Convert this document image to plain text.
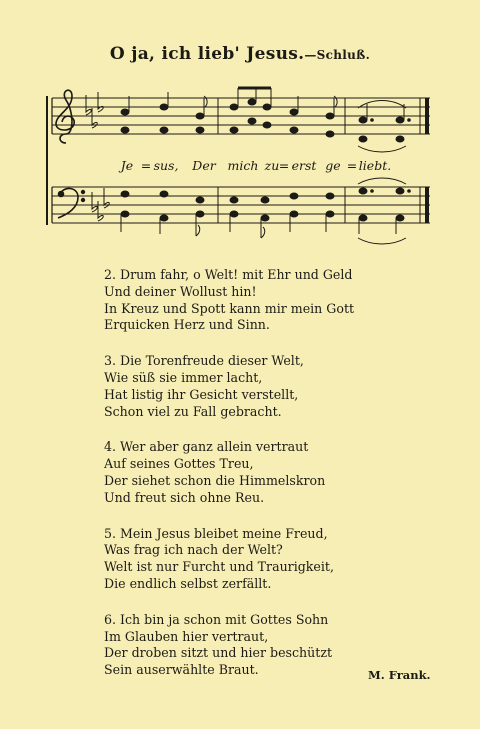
O ja, ich lieb' Jesus.—Schluß.
Je = sus, Der mich zu = erst ge = liebt.
2. Drum fahr, o Welt! mit Ehr und Geld
Und deiner Wollust hin!
In Kreuz und Spott kann mir mein Gott
Erquicken Herz und Sinn.
3. Die Torenfreude dieser Welt,
Wie süß sie immer lacht,
Hat listig ihr Gesicht verstellt,
Schon viel zu Fall gebracht.
4. Wer aber ganz allein vertraut
Auf seines Gottes Treu,
Der siehet schon die Himmelskron
Und freut sich ohne Reu.
5. Mein Jesus bleibet meine Freud,
Was frag ich nach der Welt?
Welt ist nur Furcht und Traurigkeit,
Die endlich selbst zerfällt.
6. Ich bin ja schon mit Gottes Sohn
Im Glauben hier vertraut,
Der droben sitzt und hier beschützt
Sein auserwählte Braut.	M. Frank.
